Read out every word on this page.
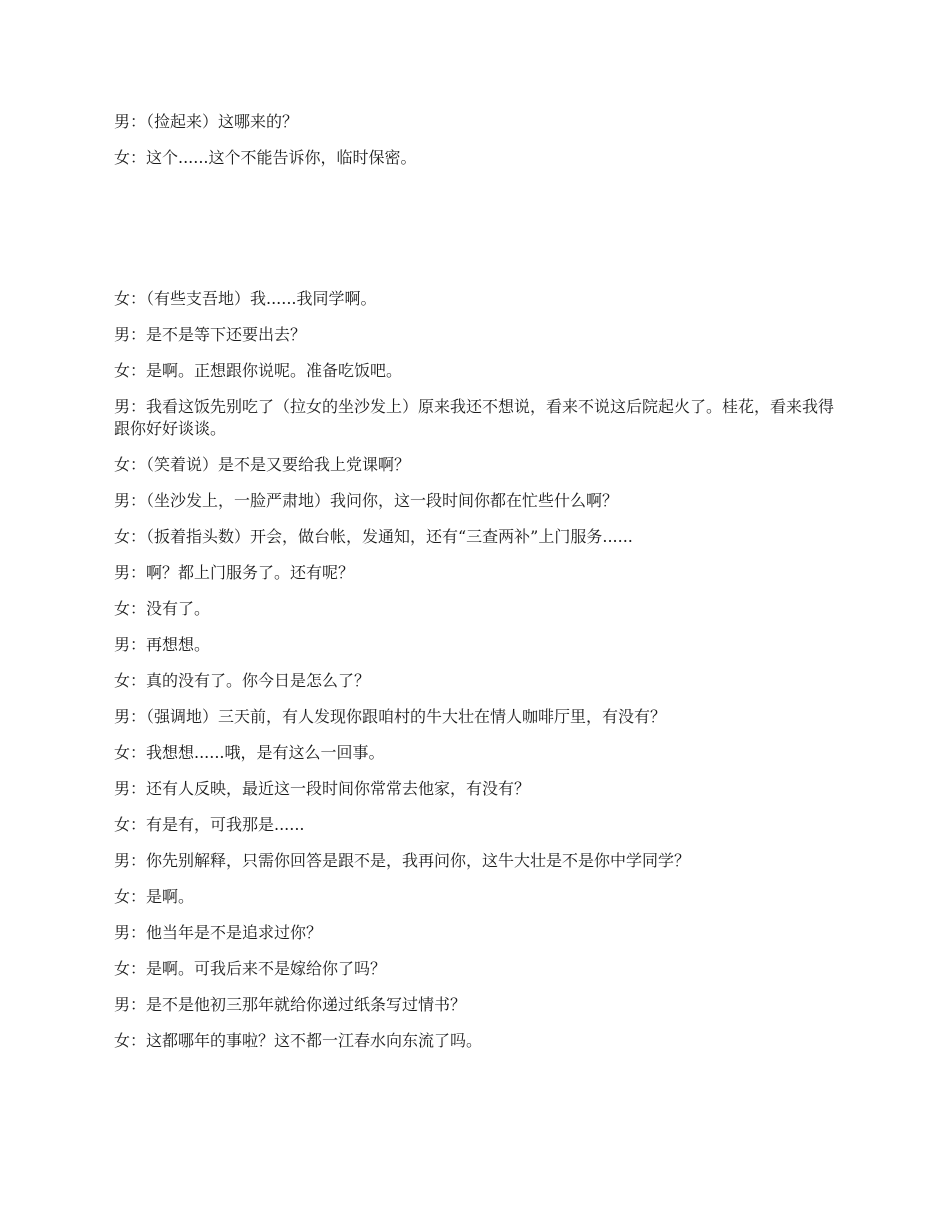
男：（捡起来）这哪来的？

女：这个......这个不能告诉你，临时保密。

女：（有些支吾地）我......我同学啊。

男：是不是等下还要出去？

女：是啊。正想跟你说呢。准备吃饭吧。

男：我看这饭先别吃了（拉女的坐沙发上）原来我还不想说，看来不说这后院起火了。桂花，看来我得跟你好好谈谈。

女：（笑着说）是不是又要给我上党课啊？

男：（坐沙发上，一脸严肃地）我问你，这一段时间你都在忙些什么啊？

女：（扳着指头数）开会，做台帐，发通知，还有“三查两补”上门服务......

男：啊？都上门服务了。还有呢？

女：没有了。

男：再想想。

女：真的没有了。你今日是怎么了？

男：（强调地）三天前，有人发现你跟咱村的牛大壮在情人咖啡厅里，有没有？

女：我想想......哦，是有这么一回事。

男：还有人反映，最近这一段时间你常常去他家，有没有？

女：有是有，可我那是......

男：你先别解释，只需你回答是跟不是，我再问你，这牛大壮是不是你中学同学？

女：是啊。

男：他当年是不是追求过你？

女：是啊。可我后来不是嫁给你了吗？

男：是不是他初三那年就给你递过纸条写过情书？

女：这都哪年的事啦？这不都一江春水向东流了吗。
